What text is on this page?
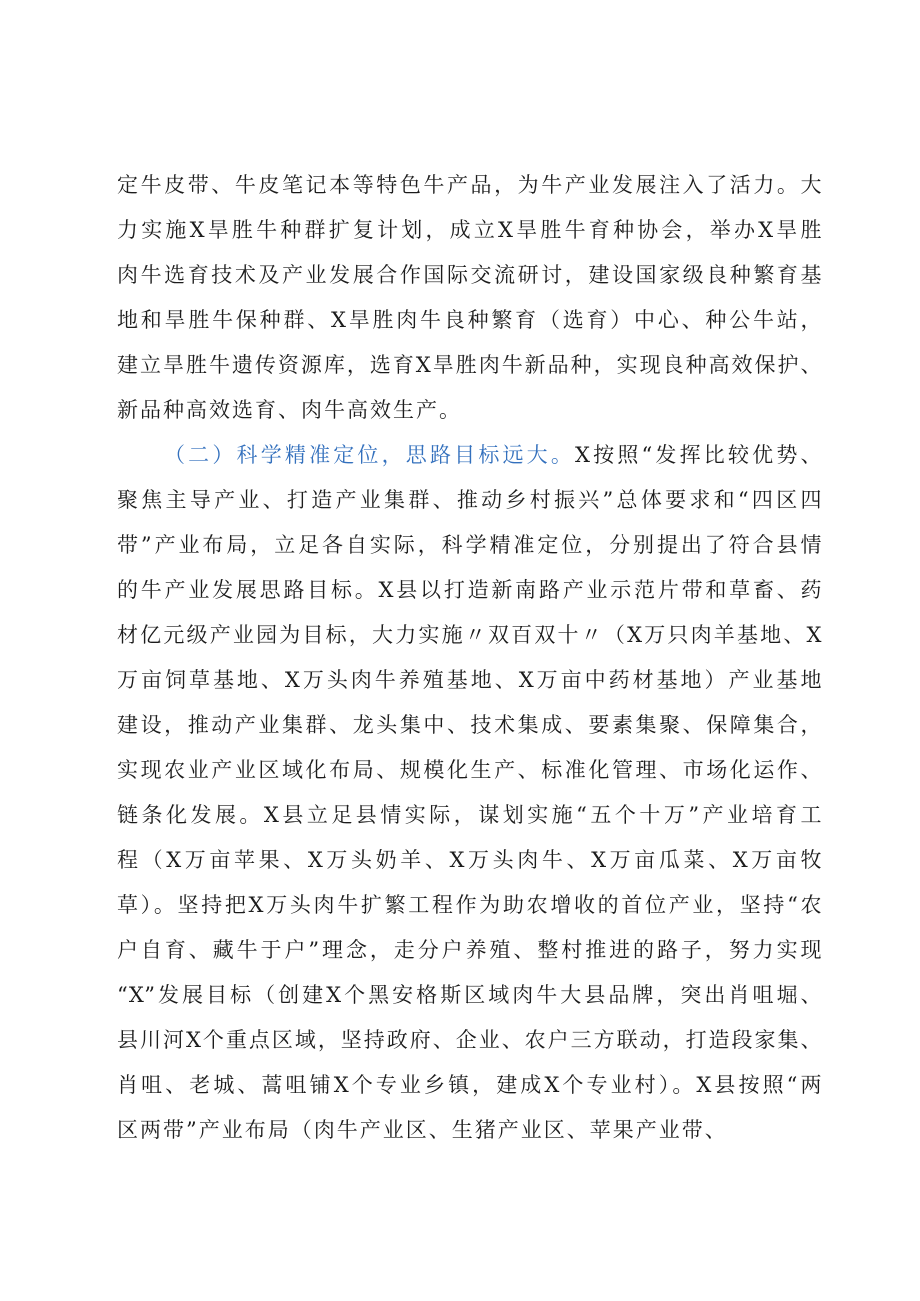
定牛皮带、牛皮笔记本等特色牛产品，为牛产业发展注入了活力。大
力实施X旱胜牛种群扩复计划，成立X旱胜牛育种协会，举办X旱胜
肉牛选育技术及产业发展合作国际交流研讨，建设国家级良种繁育基
地和旱胜牛保种群、X旱胜肉牛良种繁育（选育）中心、种公牛站，
建立旱胜牛遗传资源库，选育X旱胜肉牛新品种，实现良种高效保护、
新品种高效选育、肉牛高效生产。
（二）科学精准定位，思路目标远大。X按照“发挥比较优势、
聚焦主导产业、打造产业集群、推动乡村振兴”总体要求和“四区四
带”产业布局，立足各自实际，科学精准定位，分别提出了符合县情
的牛产业发展思路目标。X县以打造新南路产业示范片带和草畜、药
材亿元级产业园为目标，大力实施〃双百双十〃（X万只肉羊基地、X
万亩饲草基地、X万头肉牛养殖基地、X万亩中药材基地）产业基地
建设，推动产业集群、龙头集中、技术集成、要素集聚、保障集合，
实现农业产业区域化布局、规模化生产、标准化管理、市场化运作、
链条化发展。X县立足县情实际，谋划实施“五个十万”产业培育工
程（X万亩苹果、X万头奶羊、X万头肉牛、X万亩瓜菜、X万亩牧
草）。坚持把X万头肉牛扩繁工程作为助农增收的首位产业，坚持“农
户自育、藏牛于户”理念，走分户养殖、整村推进的路子，努力实现
“X”发展目标（创建X个黑安格斯区域肉牛大县品牌，突出肖咀堀、
县川河X个重点区域，坚持政府、企业、农户三方联动，打造段家集、
肖咀、老城、蒿咀铺X个专业乡镇，建成X个专业村）。X县按照“两
区两带”产业布局（肉牛产业区、生猪产业区、苹果产业带、
